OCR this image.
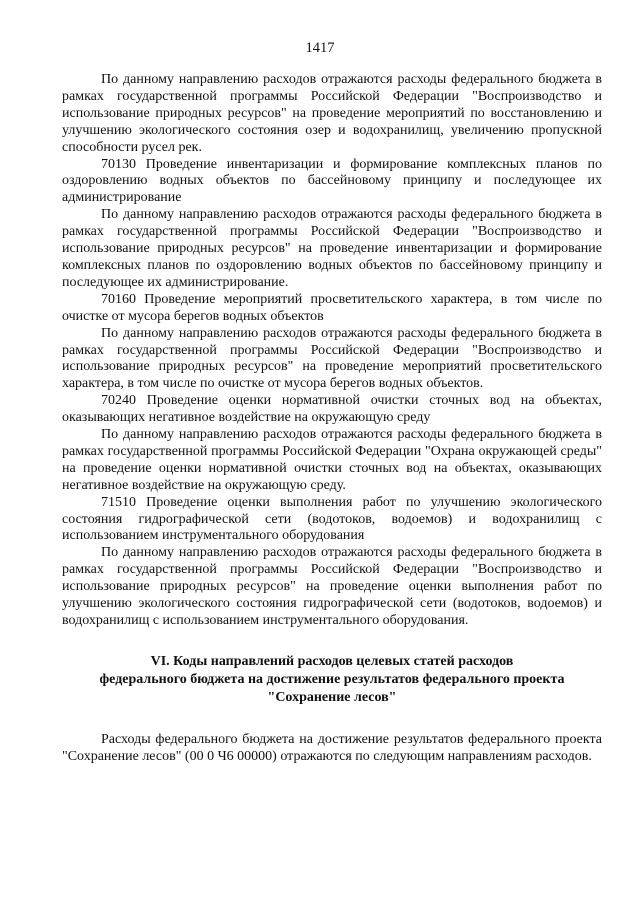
1417

По данному направлению расходов отражаются расходы федерального бюджета в рамках государственной программы Российской Федерации "Воспроизводство и использование природных ресурсов" на проведение мероприятий по восстановлению и улучшению экологического состояния озер и водохранилищ, увеличению пропускной способности русел рек.

70130 Проведение инвентаризации и формирование комплексных планов по оздоровлению водных объектов по бассейновому принципу и последующее их администрирование

По данному направлению расходов отражаются расходы федерального бюджета в рамках государственной программы Российской Федерации "Воспроизводство и использование природных ресурсов" на проведение инвентаризации и формирование комплексных планов по оздоровлению водных объектов по бассейновому принципу и последующее их администрирование.

70160 Проведение мероприятий просветительского характера, в том числе по очистке от мусора берегов водных объектов

По данному направлению расходов отражаются расходы федерального бюджета в рамках государственной программы Российской Федерации "Воспроизводство и использование природных ресурсов" на проведение мероприятий просветительского характера, в том числе по очистке от мусора берегов водных объектов.

70240 Проведение оценки нормативной очистки сточных вод на объектах, оказывающих негативное воздействие на окружающую среду

По данному направлению расходов отражаются расходы федерального бюджета в рамках государственной программы Российской Федерации "Охрана окружающей среды" на проведение оценки нормативной очистки сточных вод на объектах, оказывающих негативное воздействие на окружающую среду.

71510 Проведение оценки выполнения работ по улучшению экологического состояния гидрографической сети (водотоков, водоемов) и водохранилищ с использованием инструментального оборудования

По данному направлению расходов отражаются расходы федерального бюджета в рамках государственной программы Российской Федерации "Воспроизводство и использование природных ресурсов" на проведение оценки выполнения работ по улучшению экологического состояния гидрографической сети (водотоков, водоемов) и водохранилищ с использованием инструментального оборудования.

VI. Коды направлений расходов целевых статей расходов
федерального бюджета на достижение результатов федерального проекта
"Сохранение лесов"

Расходы федерального бюджета на достижение результатов федерального проекта "Сохранение лесов" (00 0 Ч6 00000) отражаются по следующим направлениям расходов.
